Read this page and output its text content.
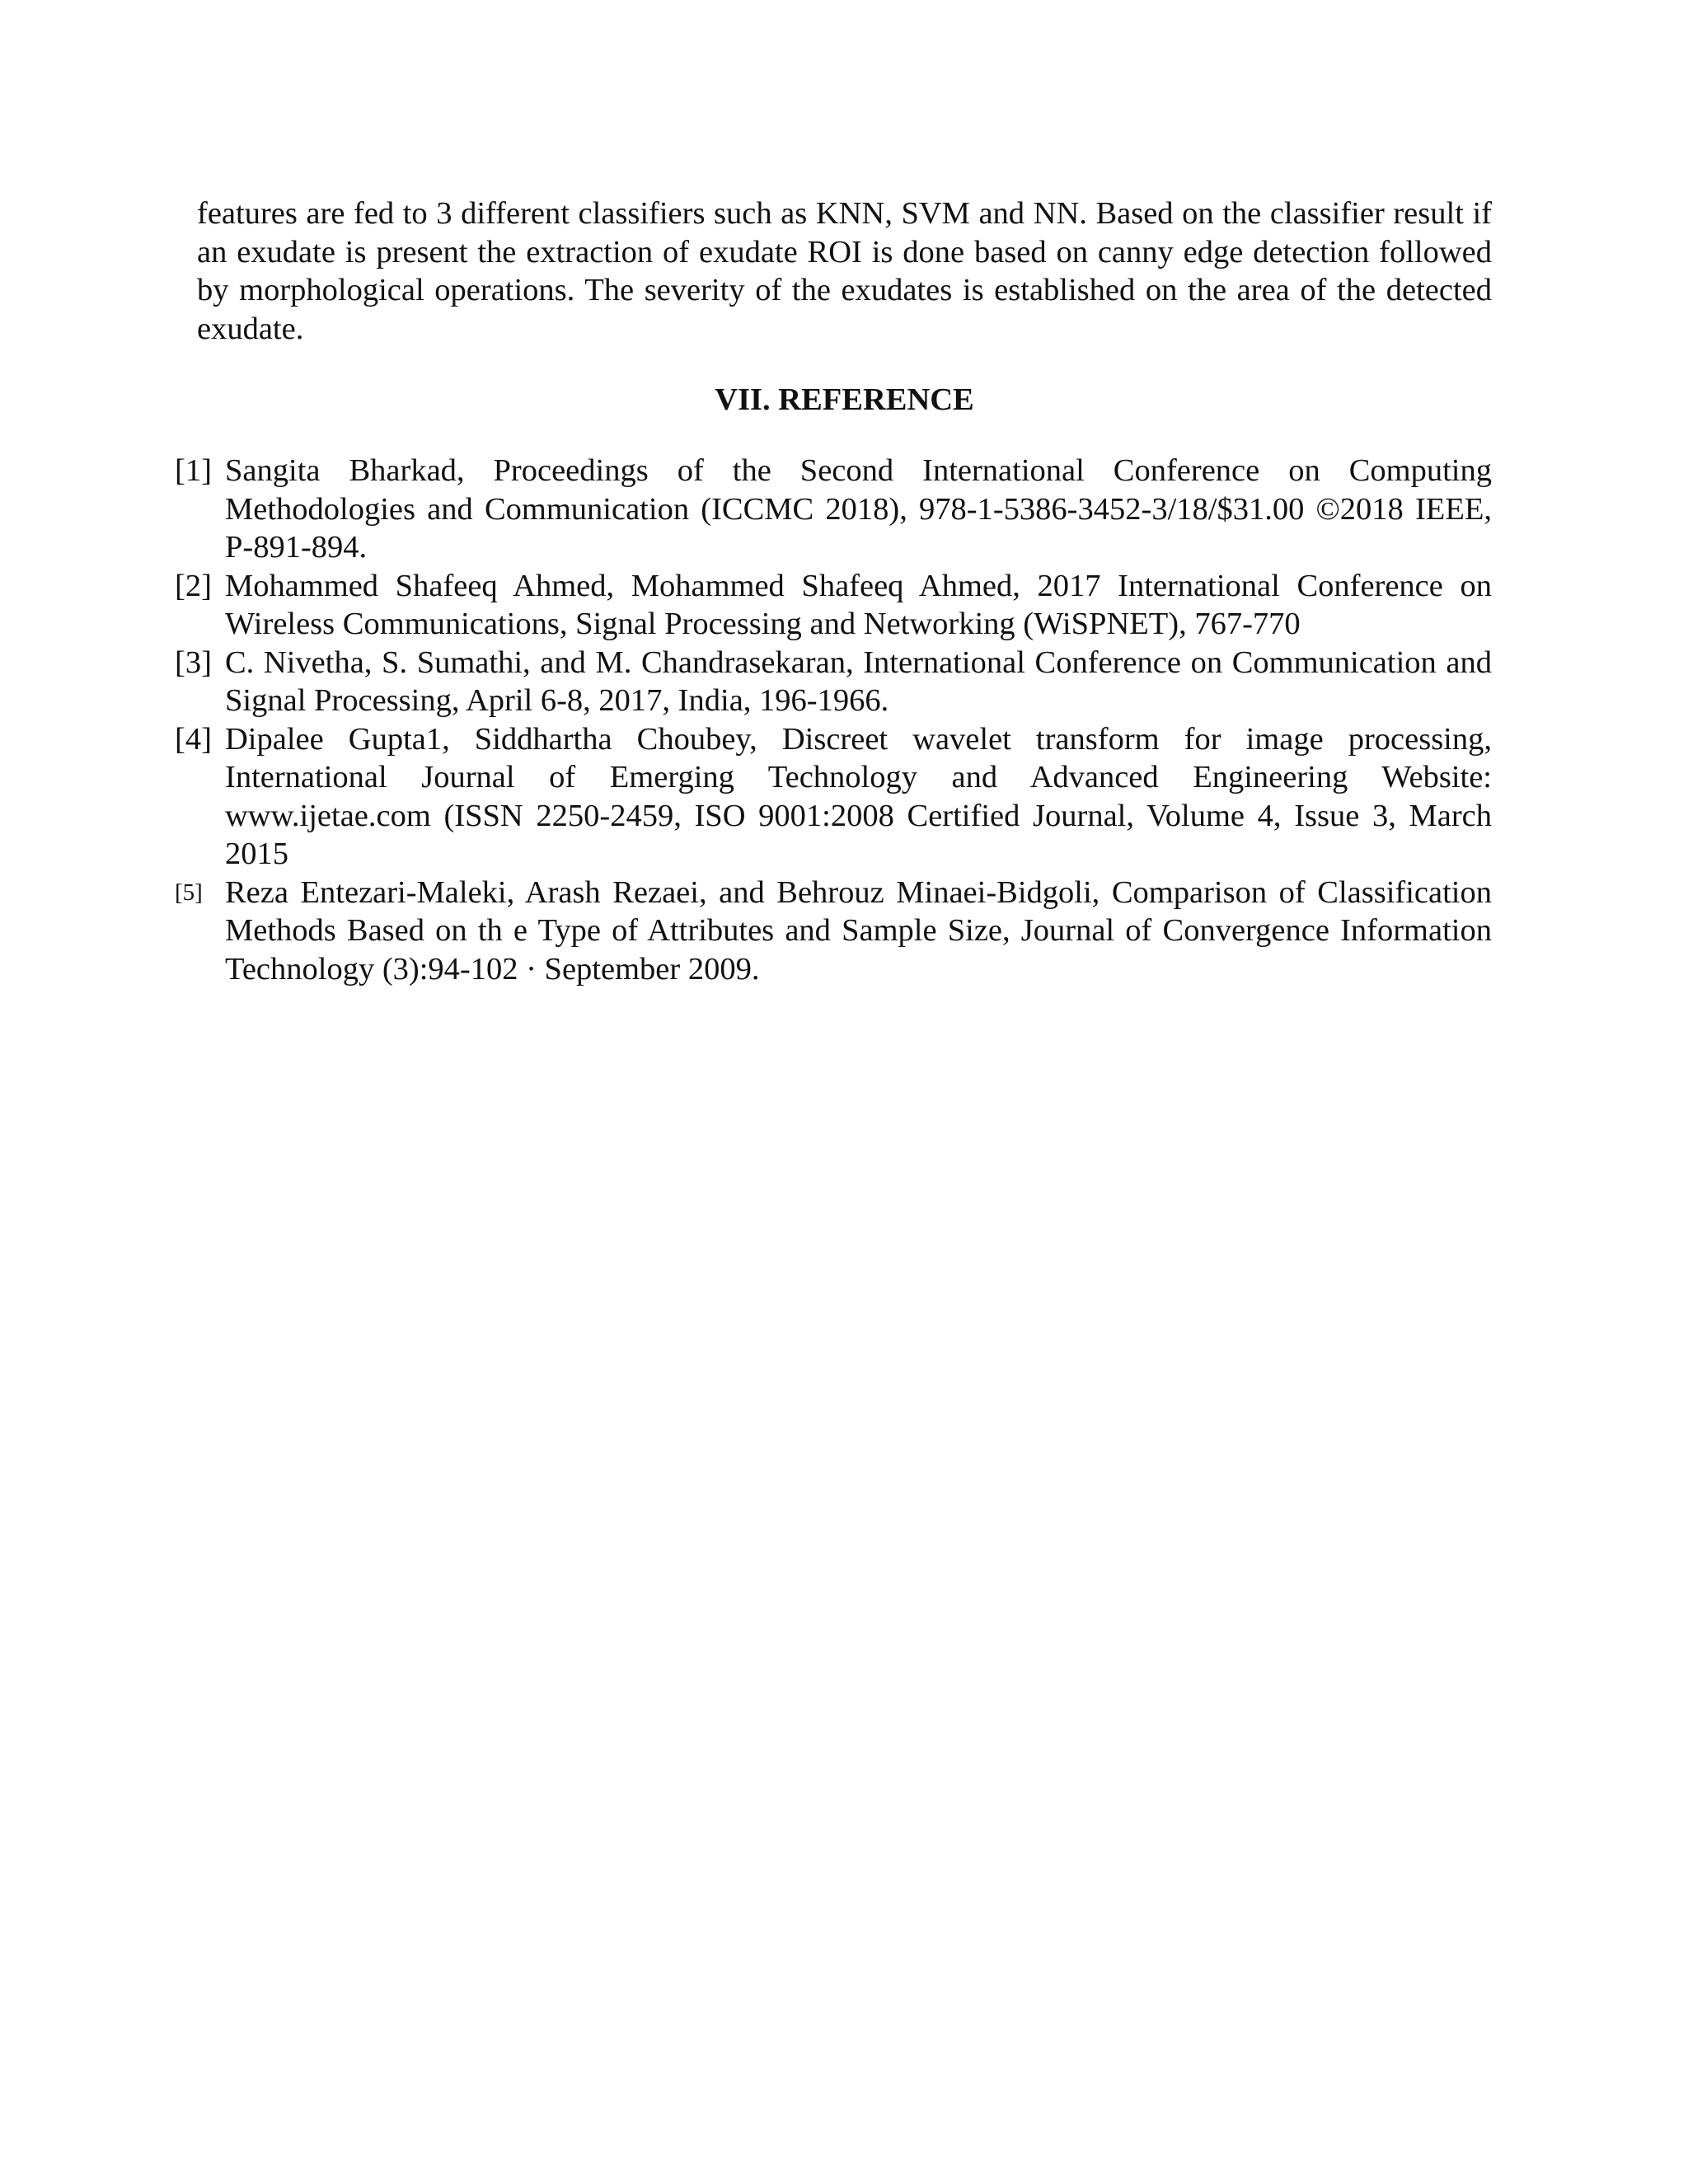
features are fed to 3 different classifiers such as KNN, SVM and NN. Based on the classifier result if an exudate is present the extraction of exudate ROI is done based on canny edge detection followed by morphological operations. The severity of the exudates is established on the area of the detected exudate.

VII. REFERENCE
[1] Sangita Bharkad, Proceedings of the Second International Conference on Computing Methodologies and Communication (ICCMC 2018), 978-1-5386-3452-3/18/$31.00 ©2018 IEEE, P-891-894.
[2] Mohammed Shafeeq Ahmed, Mohammed Shafeeq Ahmed, 2017 International Conference on Wireless Communications, Signal Processing and Networking (WiSPNET), 767-770
[3] C. Nivetha, S. Sumathi, and M. Chandrasekaran, International Conference on Communication and Signal Processing, April 6-8, 2017, India, 196-1966.
[4] Dipalee Gupta1, Siddhartha Choubey, Discreet wavelet transform for image processing, International Journal of Emerging Technology and Advanced Engineering Website: www.ijetae.com (ISSN 2250-2459, ISO 9001:2008 Certified Journal, Volume 4, Issue 3, March 2015
[5] Reza Entezari-Maleki, Arash Rezaei, and Behrouz Minaei-Bidgoli, Comparison of Classification Methods Based on th e Type of Attributes and Sample Size, Journal of Convergence Information Technology (3):94-102 · September 2009.
